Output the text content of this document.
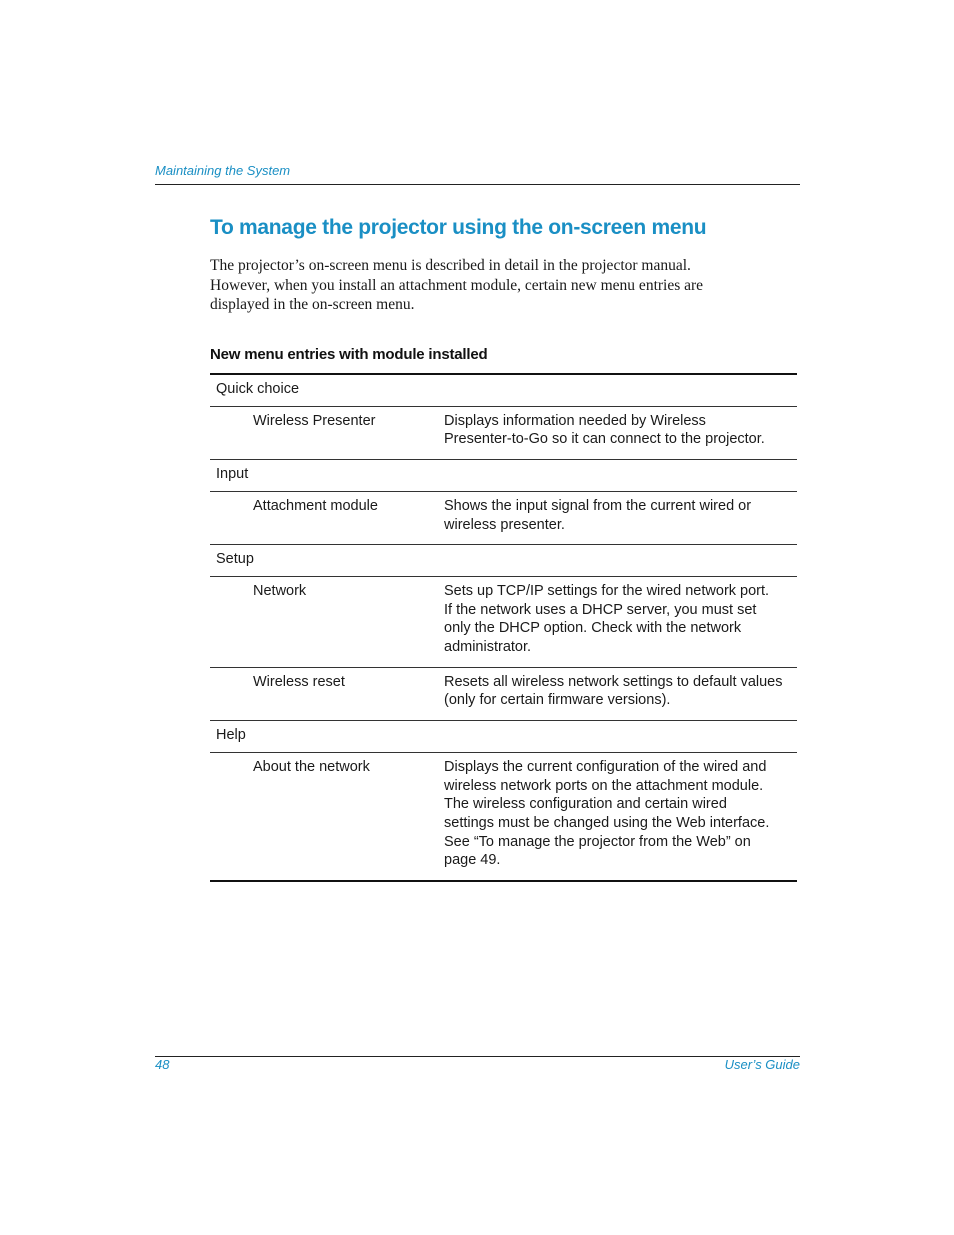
Maintaining the System
To manage the projector using the on-screen menu

The projector’s on-screen menu is described in detail in the projector manual.
However, when you install an attachment module, certain new menu entries are
displayed in the on-screen menu.

New menu entries with module installed
Quick choice
Wireless Presenter	Displays information needed by Wireless
Presenter-to-Go so it can connect to the projector.
Input
Attachment module	Shows the input signal from the current wired or
wireless presenter.
Setup
Network	Sets up TCP/IP settings for the wired network port.
If the network uses a DHCP server, you must set
only the DHCP option. Check with the network
administrator.
Wireless reset	Resets all wireless network settings to default values
(only for certain firmware versions).
Help
About the network	Displays the current configuration of the wired and
wireless network ports on the attachment module.
The wireless configuration and certain wired
settings must be changed using the Web interface.
See “To manage the projector from the Web” on
page 49.
48	User’s Guide
